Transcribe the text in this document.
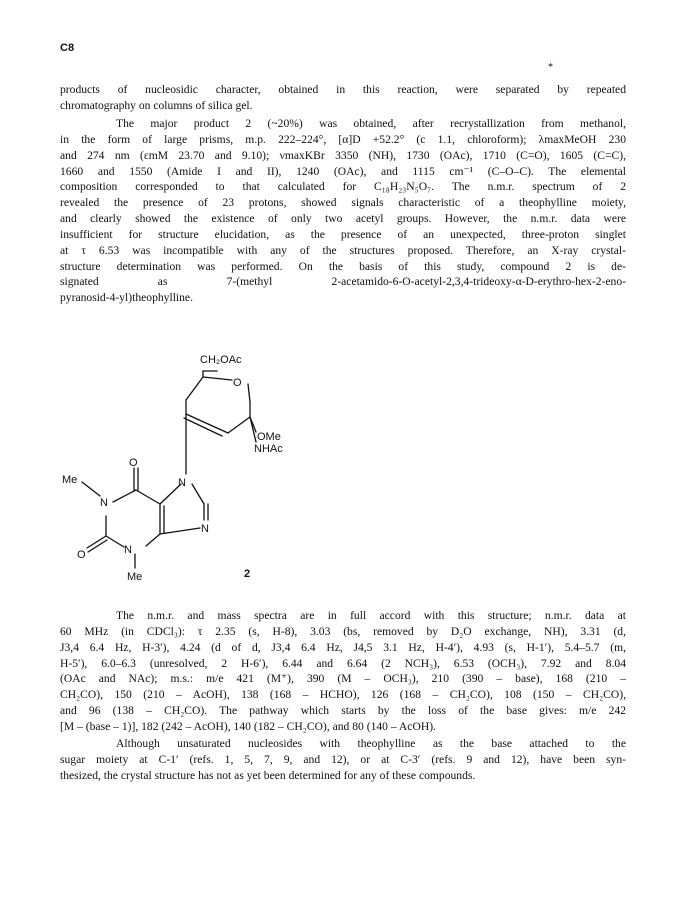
C8
*

products of nucleosidic character, obtained in this reaction, were separated by repeated
chromatography on columns of silica gel.

The major product 2 (~20%) was obtained, after recrystallization from methanol,
in the form of large prisms, m.p. 222–224°, [α]D +52.2° (c 1.1, chloroform); λmaxMeOH 230
and 274 nm (εmM 23.70 and 9.10); νmaxKBr 3350 (NH), 1730 (OAc), 1710 (C=O), 1605 (C=C),
1660 and 1550 (Amide I and II), 1240 (OAc), and 1115 cm⁻¹ (C–O–C). The elemental
composition corresponded to that calculated for C₁₈H₂₃N₅O₇. The n.m.r. spectrum of 2
revealed the presence of 23 protons, showed signals characteristic of a theophylline moiety,
and clearly showed the existence of only two acetyl groups. However, the n.m.r. data were
insufficient for structure elucidation, as the presence of an unexpected, three-proton singlet
at τ 6.53 was incompatible with any of the structures proposed. Therefore, an X-ray crystal-
structure determination was performed. On the basis of this study, compound 2 is de-
signated as 7-(methyl 2-acetamido-6-O-acetyl-2,3,4-trideoxy-α-D-erythro-hex-2-eno-
pyranosid-4-yl)theophylline.

CH₂OAc
O
OMe
NHAc
O
Me
N
N
N
O	N
Me	2

The n.m.r. and mass spectra are in full accord with this structure; n.m.r. data at
60 MHz (in CDCl₃): τ 2.35 (s, H-8), 3.03 (bs, removed by D₂O exchange, NH), 3.31 (d,
J3,4 6.4 Hz, H-3′), 4.24 (d of d, J3,4 6.4 Hz, J4,5 3.1 Hz, H-4′), 4.93 (s, H-1′), 5.4–5.7 (m,
H-5′), 6.0–6.3 (unresolved, 2 H-6′), 6.44 and 6.64 (2 NCH₃), 6.53 (OCH₃), 7.92 and 8.04
(OAc and NAc); m.s.: m/e 421 (M⁺), 390 (M – OCH₃), 210 (390 – base), 168 (210 –
CH₂CO), 150 (210 – AcOH), 138 (168 – HCHO), 126 (168 – CH₂CO), 108 (150 – CH₂CO),
and 96 (138 – CH₂CO). The pathway which starts by the loss of the base gives: m/e 242
[M – (base – 1)], 182 (242 – AcOH), 140 (182 – CH₂CO), and 80 (140 – AcOH).

Although unsaturated nucleosides with theophylline as the base attached to the
sugar moiety at C-1′ (refs. 1, 5, 7, 9, and 12), or at C-3′ (refs. 9 and 12), have been syn-
thesized, the crystal structure has not as yet been determined for any of these compounds.
